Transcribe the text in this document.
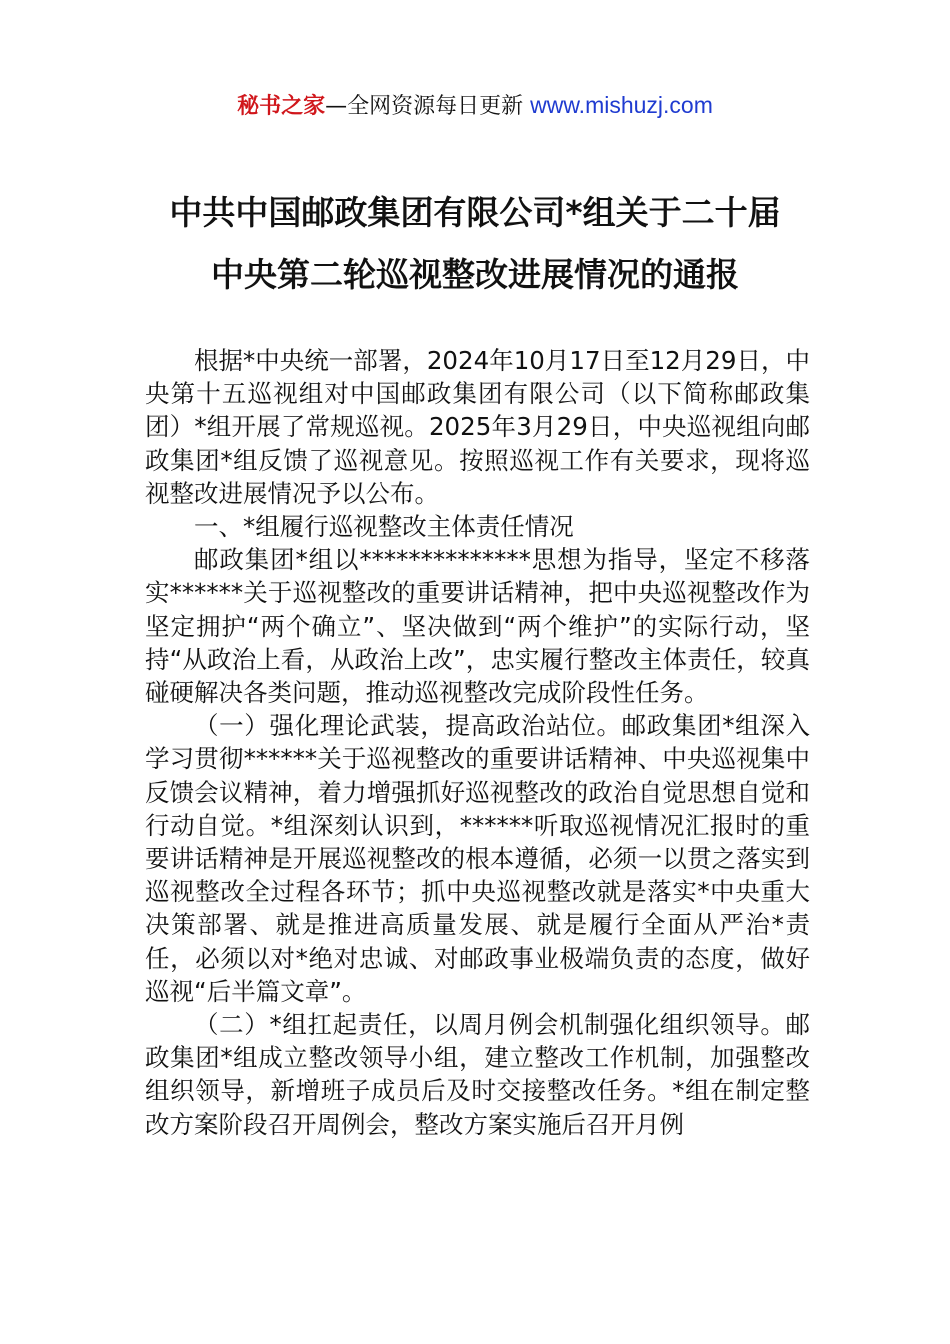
秘书之家—全网资源每日更新 www.mishuzj.com
中共中国邮政集团有限公司*组关于二十届
中央第二轮巡视整改进展情况的通报

根据*中央统一部署，2024年10月17日至12月29日，中央第十五巡视组对中国邮政集团有限公司（以下简称邮政集团）*组开展了常规巡视。2025年3月29日，中央巡视组向邮政集团*组反馈了巡视意见。按照巡视工作有关要求，现将巡视整改进展情况予以公布。

一、*组履行巡视整改主体责任情况

邮政集团*组以**************思想为指导，坚定不移落实******关于巡视整改的重要讲话精神，把中央巡视整改作为坚定拥护“两个确立”、坚决做到“两个维护”的实际行动，坚持“从政治上看，从政治上改”，忠实履行整改主体责任，较真碰硬解决各类问题，推动巡视整改完成阶段性任务。

（一）强化理论武装，提高政治站位。邮政集团*组深入学习贯彻******关于巡视整改的重要讲话精神、中央巡视集中反馈会议精神，着力增强抓好巡视整改的政治自觉思想自觉和行动自觉。*组深刻认识到，******听取巡视情况汇报时的重要讲话精神是开展巡视整改的根本遵循，必须一以贯之落实到巡视整改全过程各环节；抓中央巡视整改就是落实*中央重大决策部署、就是推进高质量发展、就是履行全面从严治*责任，必须以对*绝对忠诚、对邮政事业极端负责的态度，做好巡视“后半篇文章”。

（二）*组扛起责任，以周月例会机制强化组织领导。邮政集团*组成立整改领导小组，建立整改工作机制，加强整改组织领导，新增班子成员后及时交接整改任务。*组在制定整改方案阶段召开周例会，整改方案实施后召开月例
